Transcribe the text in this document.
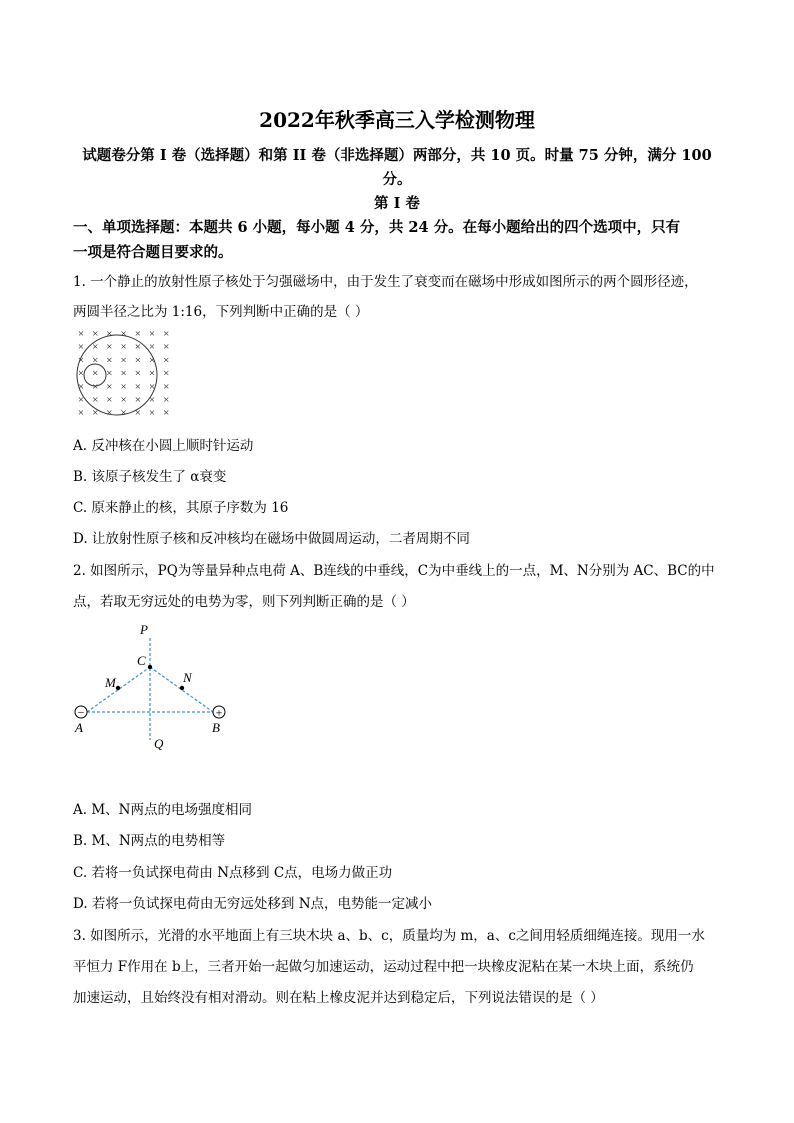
2022年秋季高三入学检测物理
试题卷分第 I 卷（选择题）和第 II 卷（非选择题）两部分，共 10 页。时量 75 分钟，满分 100
分。
第 I 卷
一、单项选择题：本题共 6 小题，每小题 4 分，共 24 分。在每小题给出的四个选项中，只有
一项是符合题目要求的。
1. 一个静止的放射性原子核处于匀强磁场中，由于发生了衰变而在磁场中形成如图所示的两个圆形径迹，
两圆半径之比为 1:16，下列判断中正确的是（ ）
× × × × × × ×
× × × × × × ×
× × × × × × ×
× × × × × × ×
× × × × × × ×
× × × × × × ×
× × × × × × ×
A. 反冲核在小圆上顺时针运动
B. 该原子核发生了 α衰变
C. 原来静止的核，其原子序数为 16
D. 让放射性原子核和反冲核均在磁场中做圆周运动，二者周期不同
2. 如图所示，PQ为等量异种点电荷 A、B连线的中垂线，C为中垂线上的一点，M、N分别为 AC、BC的中
点，若取无穷远处的电势为零，则下列判断正确的是（ ）
−	+
P
Q
C
M	N
A	B
A. M、N两点的电场强度相同
B. M、N两点的电势相等
C. 若将一负试探电荷由 N点移到 C点，电场力做正功
D. 若将一负试探电荷由无穷远处移到 N点，电势能一定减小
3. 如图所示，光滑的水平地面上有三块木块 a、b、c，质量均为 m，a、c之间用轻质细绳连接。现用一水
平恒力 F作用在 b上，三者开始一起做匀加速运动，运动过程中把一块橡皮泥粘在某一木块上面，系统仍
加速运动，且始终没有相对滑动。则在粘上橡皮泥并达到稳定后，下列说法错误的是（ ）
